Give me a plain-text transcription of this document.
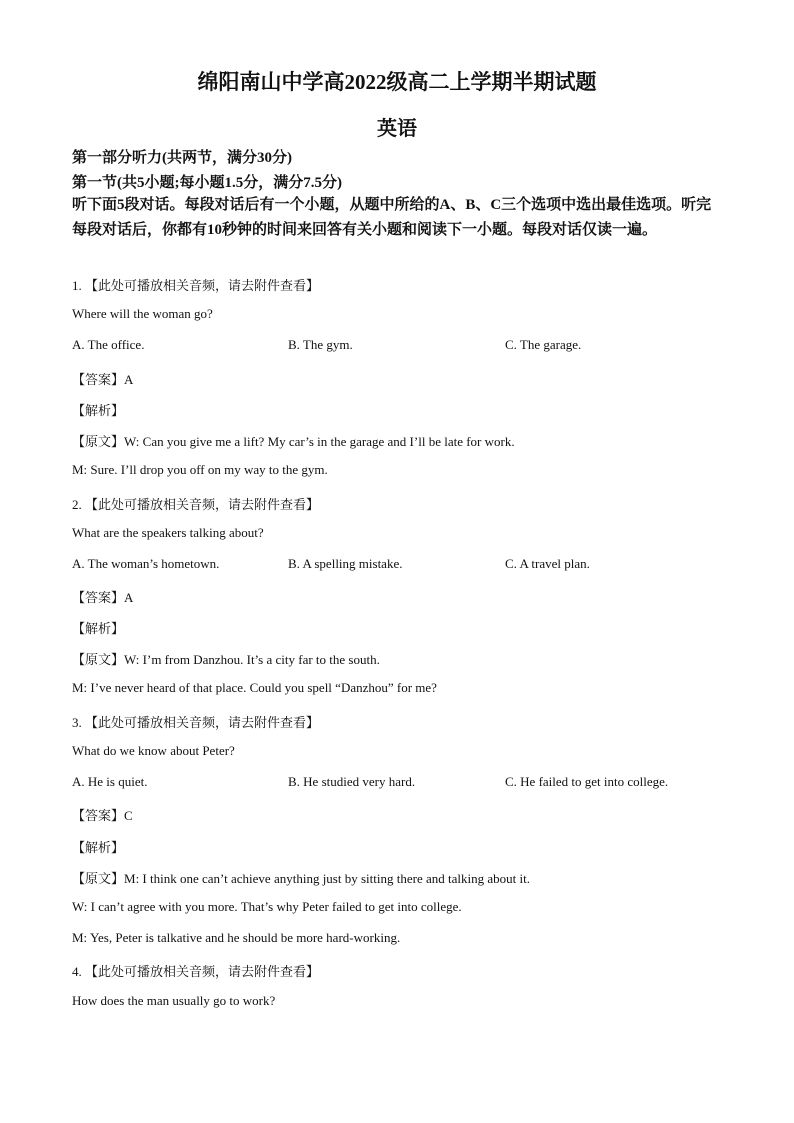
绵阳南山中学高2022级高二上学期半期试题
英语
第一部分听力(共两节，满分30分)
第一节(共5小题;每小题1.5分，满分7.5分)
听下面5段对话。每段对话后有一个小题，从题中所给的A、B、C三个选项中选出最佳选项。听完每段对话后，你都有10秒钟的时间来回答有关小题和阅读下一小题。每段对话仅读一遍。
1. 【此处可播放相关音频，请去附件查看】
Where will the woman go?
A. The office.	B. The gym.	C. The garage.
【答案】A
【解析】
【原文】W: Can you give me a lift? My car’s in the garage and I’ll be late for work.
M: Sure. I’ll drop you off on my way to the gym.
2. 【此处可播放相关音频，请去附件查看】
What are the speakers talking about?
A. The woman’s hometown.	B. A spelling mistake.	C. A travel plan.
【答案】A
【解析】
【原文】W: I’m from Danzhou. It’s a city far to the south.
M: I’ve never heard of that place. Could you spell “Danzhou” for me?
3. 【此处可播放相关音频，请去附件查看】
What do we know about Peter?
A. He is quiet.	B. He studied very hard.	C. He failed to get into college.
【答案】C
【解析】
【原文】M: I think one can’t achieve anything just by sitting there and talking about it.
W: I can’t agree with you more. That’s why Peter failed to get into college.
M: Yes, Peter is talkative and he should be more hard-working.
4. 【此处可播放相关音频，请去附件查看】
How does the man usually go to work?
